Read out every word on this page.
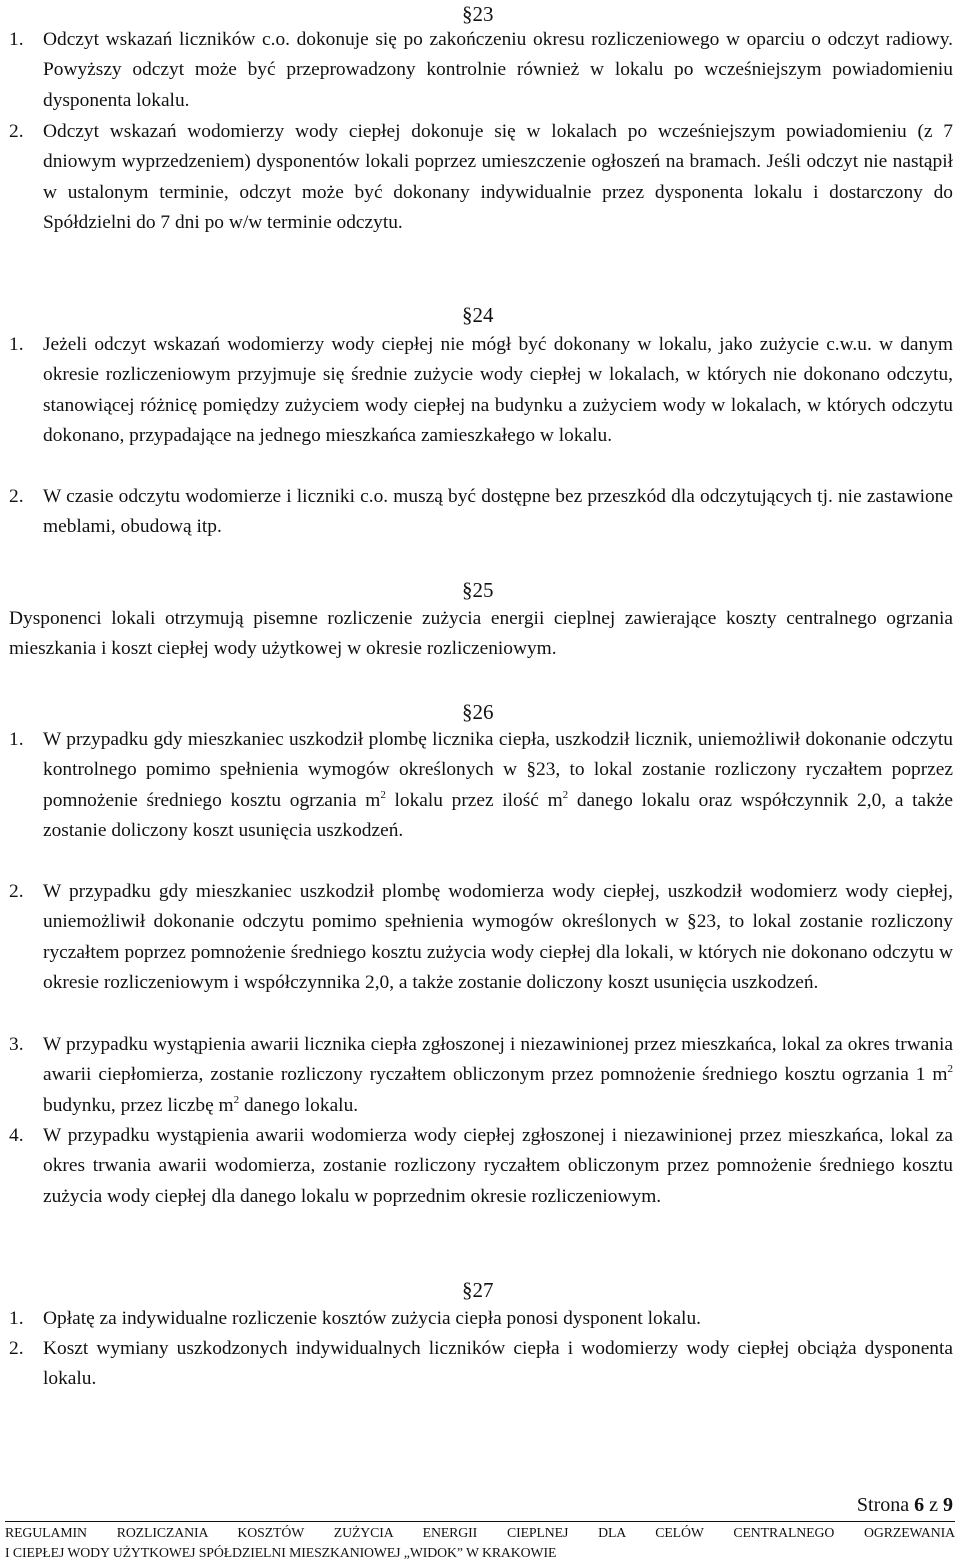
§23
1. Odczyt wskazań liczników c.o. dokonuje się po zakończeniu okresu rozliczeniowego w oparciu o odczyt radiowy. Powyższy odczyt może być przeprowadzony kontrolnie również w lokalu po wcześniejszym powiadomieniu dysponenta lokalu.
2. Odczyt wskazań wodomierzy wody ciepłej dokonuje się w lokalach po wcześniejszym powiadomieniu (z 7 dniowym wyprzedzeniem) dysponentów lokali poprzez umieszczenie ogłoszeń na bramach. Jeśli odczyt nie nastąpił w ustalonym terminie, odczyt może być dokonany indywidualnie przez dysponenta lokalu i dostarczony do Spółdzielni do 7 dni po w/w terminie odczytu.
§24
1. Jeżeli odczyt wskazań wodomierzy wody ciepłej nie mógł być dokonany w lokalu, jako zużycie c.w.u. w danym okresie rozliczeniowym przyjmuje się średnie zużycie wody ciepłej w lokalach, w których nie dokonano odczytu, stanowiącej różnicę pomiędzy zużyciem wody ciepłej na budynku a zużyciem wody w lokalach, w których odczytu dokonano, przypadające na jednego mieszkańca zamieszkałego w lokalu.
2. W czasie odczytu wodomierze i liczniki c.o. muszą być dostępne bez przeszkód dla odczytujących tj. nie zastawione meblami, obudową itp.
§25
Dysponenci lokali otrzymują pisemne rozliczenie zużycia energii cieplnej zawierające koszty centralnego ogrzania mieszkania i koszt ciepłej wody użytkowej w okresie rozliczeniowym.
§26
1. W przypadku gdy mieszkaniec uszkodził plombę licznika ciepła, uszkodził licznik, uniemożliwił dokonanie odczytu kontrolnego pomimo spełnienia wymogów określonych w §23, to lokal zostanie rozliczony ryczałtem poprzez pomnożenie średniego kosztu ogrzania $m^2$ lokalu przez ilość $m^2$ danego lokalu oraz współczynnik 2,0, a także zostanie doliczony koszt usunięcia uszkodzeń.
2. W przypadku gdy mieszkaniec uszkodził plombę wodomierza wody ciepłej, uszkodził wodomierz wody ciepłej, uniemożliwił dokonanie odczytu pomimo spełnienia wymogów określonych w §23, to lokal zostanie rozliczony ryczałtem poprzez pomnożenie średniego kosztu zużycia wody ciepłej dla lokali, w których nie dokonano odczytu w okresie rozliczeniowym i współczynnika 2,0, a także zostanie doliczony koszt usunięcia uszkodzeń.
3. W przypadku wystąpienia awarii licznika ciepła zgłoszonej i niezawinionej przez mieszkańca, lokal za okres trwania awarii ciepłomierza, zostanie rozliczony ryczałtem obliczonym przez pomnożenie średniego kosztu ogrzania 1 $m^2$ budynku, przez liczbę $m^2$ danego lokalu.
4. W przypadku wystąpienia awarii wodomierza wody ciepłej zgłoszonej i niezawinionej przez mieszkańca, lokal za okres trwania awarii wodomierza, zostanie rozliczony ryczałtem obliczonym przez pomnożenie średniego kosztu zużycia wody ciepłej dla danego lokalu w poprzednim okresie rozliczeniowym.
§27
1. Opłatę za indywidualne rozliczenie kosztów zużycia ciepła ponosi dysponent lokalu.
2. Koszt wymiany uszkodzonych indywidualnych liczników ciepła i wodomierzy wody ciepłej obciąża dysponenta lokalu.
Strona 6 z 9
REGULAMIN ROZLICZANIA KOSZTÓW ZUŻYCIA ENERGII CIEPLNEJ DLA CELÓW CENTRALNEGO OGRZEWANIA
I CIEPŁEJ WODY UŻYTKOWEJ SPÓŁDZIELNI MIESZKANIOWEJ „WIDOK” W KRAKOWIE
